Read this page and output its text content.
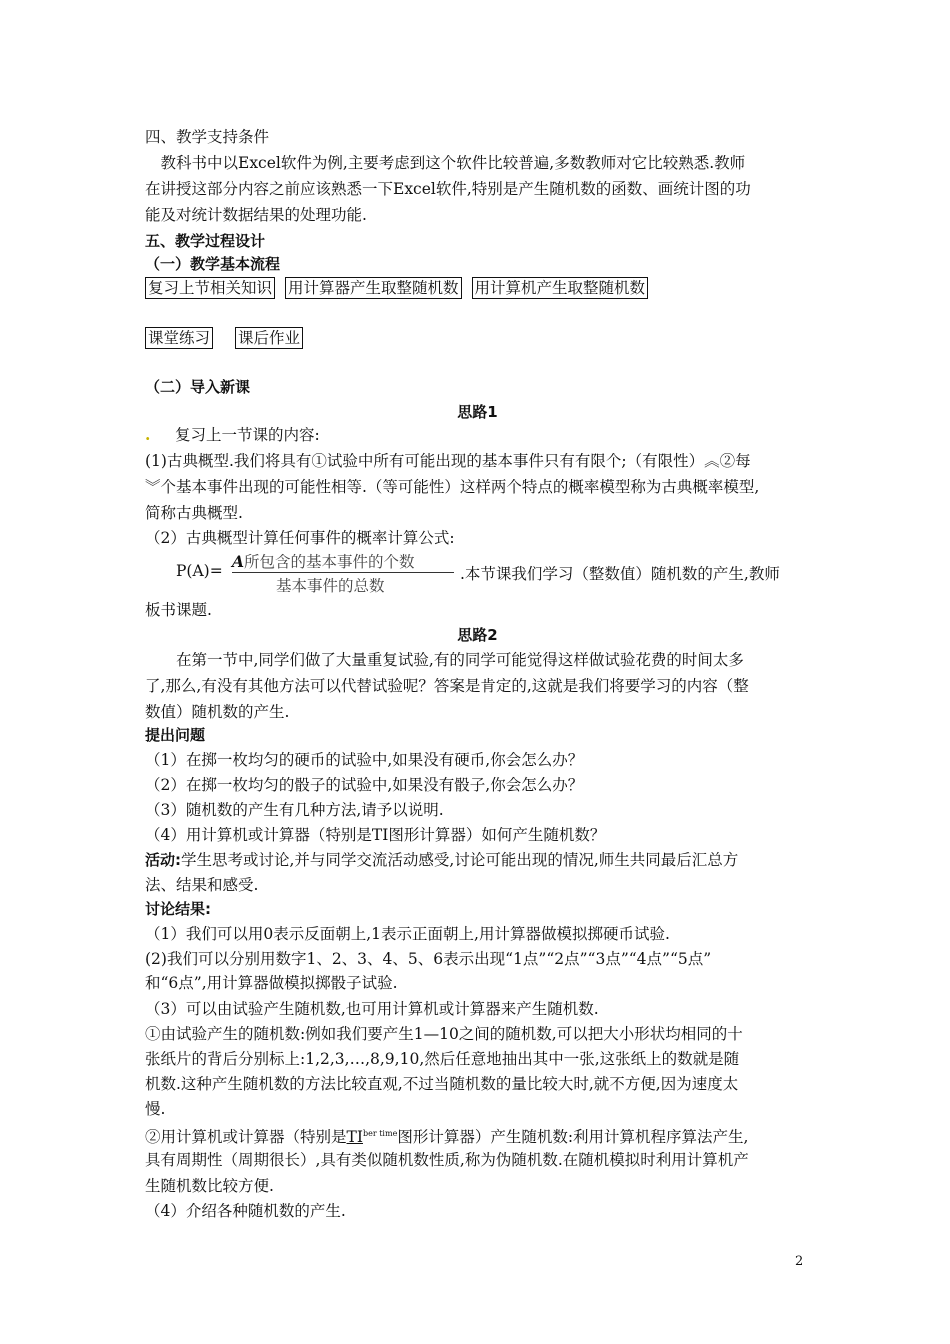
四、教学支持条件
　教科书中以Excel软件为例,主要考虑到这个软件比较普遍,多数教师对它比较熟悉.教师
在讲授这部分内容之前应该熟悉一下Excel软件,特别是产生随机数的函数、画统计图的功
能及对统计数据结果的处理功能.
五、教学过程设计
（一）教学基本流程
复习上节相关知识 用计算器产生取整随机数 用计算机产生取整随机数
课堂练习 课后作业
（二）导入新课
思路1
. 复习上一节课的内容:
(1)古典概型.我们将具有①试验中所有可能出现的基本事件只有有限个;（有限性）︽②每
︾个基本事件出现的可能性相等.（等可能性）这样两个特点的概率模型称为古典概率模型,
简称古典概型.
（2）古典概型计算任何事件的概率计算公式:
P(A)= A所包含的基本事件的个数
基本事件的总数
.本节课我们学习（整数值）随机数的产生,教师
板书课题.
思路2
　　在第一节中,同学们做了大量重复试验,有的同学可能觉得这样做试验花费的时间太多
了,那么,有没有其他方法可以代替试验呢？答案是肯定的,这就是我们将要学习的内容（整
数值）随机数的产生.
提出问题
（1）在掷一枚均匀的硬币的试验中,如果没有硬币,你会怎么办？
（2）在掷一枚均匀的骰子的试验中,如果没有骰子,你会怎么办？
（3）随机数的产生有几种方法,请予以说明.
（4）用计算机或计算器（特别是TI图形计算器）如何产生随机数？
活动:学生思考或讨论,并与同学交流活动感受,讨论可能出现的情况,师生共同最后汇总方
法、结果和感受.
讨论结果:
（1）我们可以用0表示反面朝上,1表示正面朝上,用计算器做模拟掷硬币试验.
(2)我们可以分别用数字1、2、3、4、5、6表示出现“1点”“2点”“3点”“4点”“5点”
和“6点”,用计算器做模拟掷骰子试验.
（3）可以由试验产生随机数,也可用计算机或计算器来产生随机数.
①由试验产生的随机数:例如我们要产生1—10之间的随机数,可以把大小形状均相同的十
张纸片的背后分别标上:1,2,3,…,8,9,10,然后任意地抽出其中一张,这张纸上的数就是随
机数.这种产生随机数的方法比较直观,不过当随机数的量比较大时,就不方便,因为速度太
慢.
②用计算机或计算器（特别是$TI^{ber time}$图形计算器）产生随机数:利用计算机程序算法产生,
具有周期性（周期很长）,具有类似随机数性质,称为伪随机数.在随机模拟时利用计算机产
生随机数比较方便.
（4）介绍各种随机数的产生.
2
